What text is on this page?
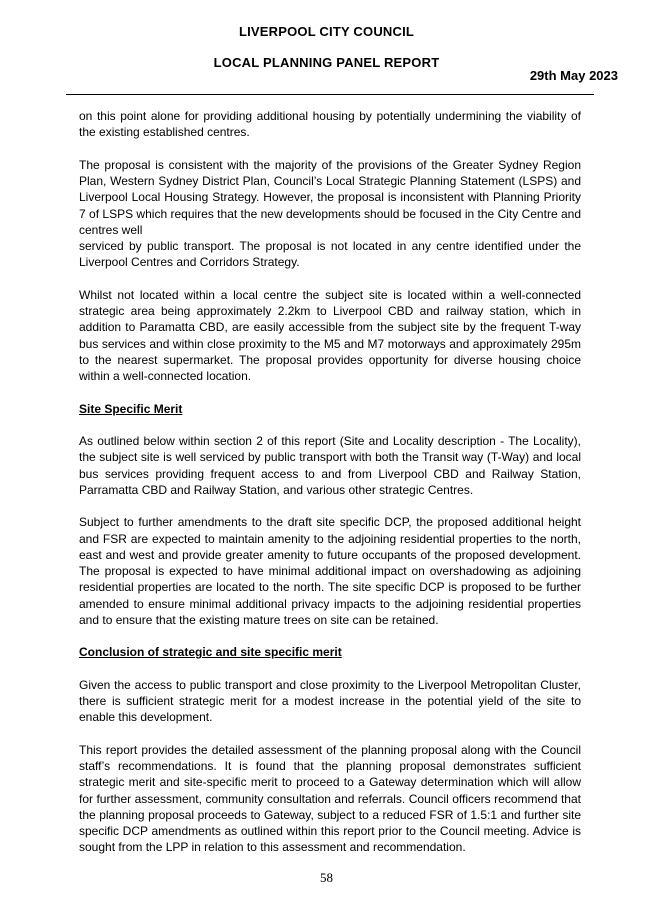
LIVERPOOL CITY COUNCIL
LOCAL PLANNING PANEL REPORT
29th May 2023

on this point alone for providing additional housing by potentially undermining the viability of the existing established centres.

The proposal is consistent with the majority of the provisions of the Greater Sydney Region Plan, Western Sydney District Plan, Council’s Local Strategic Planning Statement (LSPS) and Liverpool Local Housing Strategy. However, the proposal is inconsistent with Planning Priority 7 of LSPS which requires that the new developments should be focused in the City Centre and centres well
serviced by public transport. The proposal is not located in any centre identified under the Liverpool Centres and Corridors Strategy.

Whilst not located within a local centre the subject site is located within a well-connected strategic area being approximately 2.2km to Liverpool CBD and railway station, which in addition to Paramatta CBD, are easily accessible from the subject site by the frequent T-way bus services and within close proximity to the M5 and M7 motorways and approximately 295m to the nearest supermarket. The proposal provides opportunity for diverse housing choice within a well-connected location.

Site Specific Merit

As outlined below within section 2 of this report (Site and Locality description - The Locality), the subject site is well serviced by public transport with both the Transit way (T-Way) and local bus services providing frequent access to and from Liverpool CBD and Railway Station, Parramatta CBD and Railway Station, and various other strategic Centres.

Subject to further amendments to the draft site specific DCP, the proposed additional height and FSR are expected to maintain amenity to the adjoining residential properties to the north, east and west and provide greater amenity to future occupants of the proposed development. The proposal is expected to have minimal additional impact on overshadowing as adjoining residential properties are located to the north. The site specific DCP is proposed to be further amended to ensure minimal additional privacy impacts to the adjoining residential properties and to ensure that the existing mature trees on site can be retained.

Conclusion of strategic and site specific merit

Given the access to public transport and close proximity to the Liverpool Metropolitan Cluster, there is sufficient strategic merit for a modest increase in the potential yield of the site to enable this development.

This report provides the detailed assessment of the planning proposal along with the Council staff’s recommendations. It is found that the planning proposal demonstrates sufficient strategic merit and site-specific merit to proceed to a Gateway determination which will allow for further assessment, community consultation and referrals. Council officers recommend that the planning proposal proceeds to Gateway, subject to a reduced FSR of 1.5:1 and further site specific DCP amendments as outlined within this report prior to the Council meeting. Advice is sought from the LPP in relation to this assessment and recommendation.

58
